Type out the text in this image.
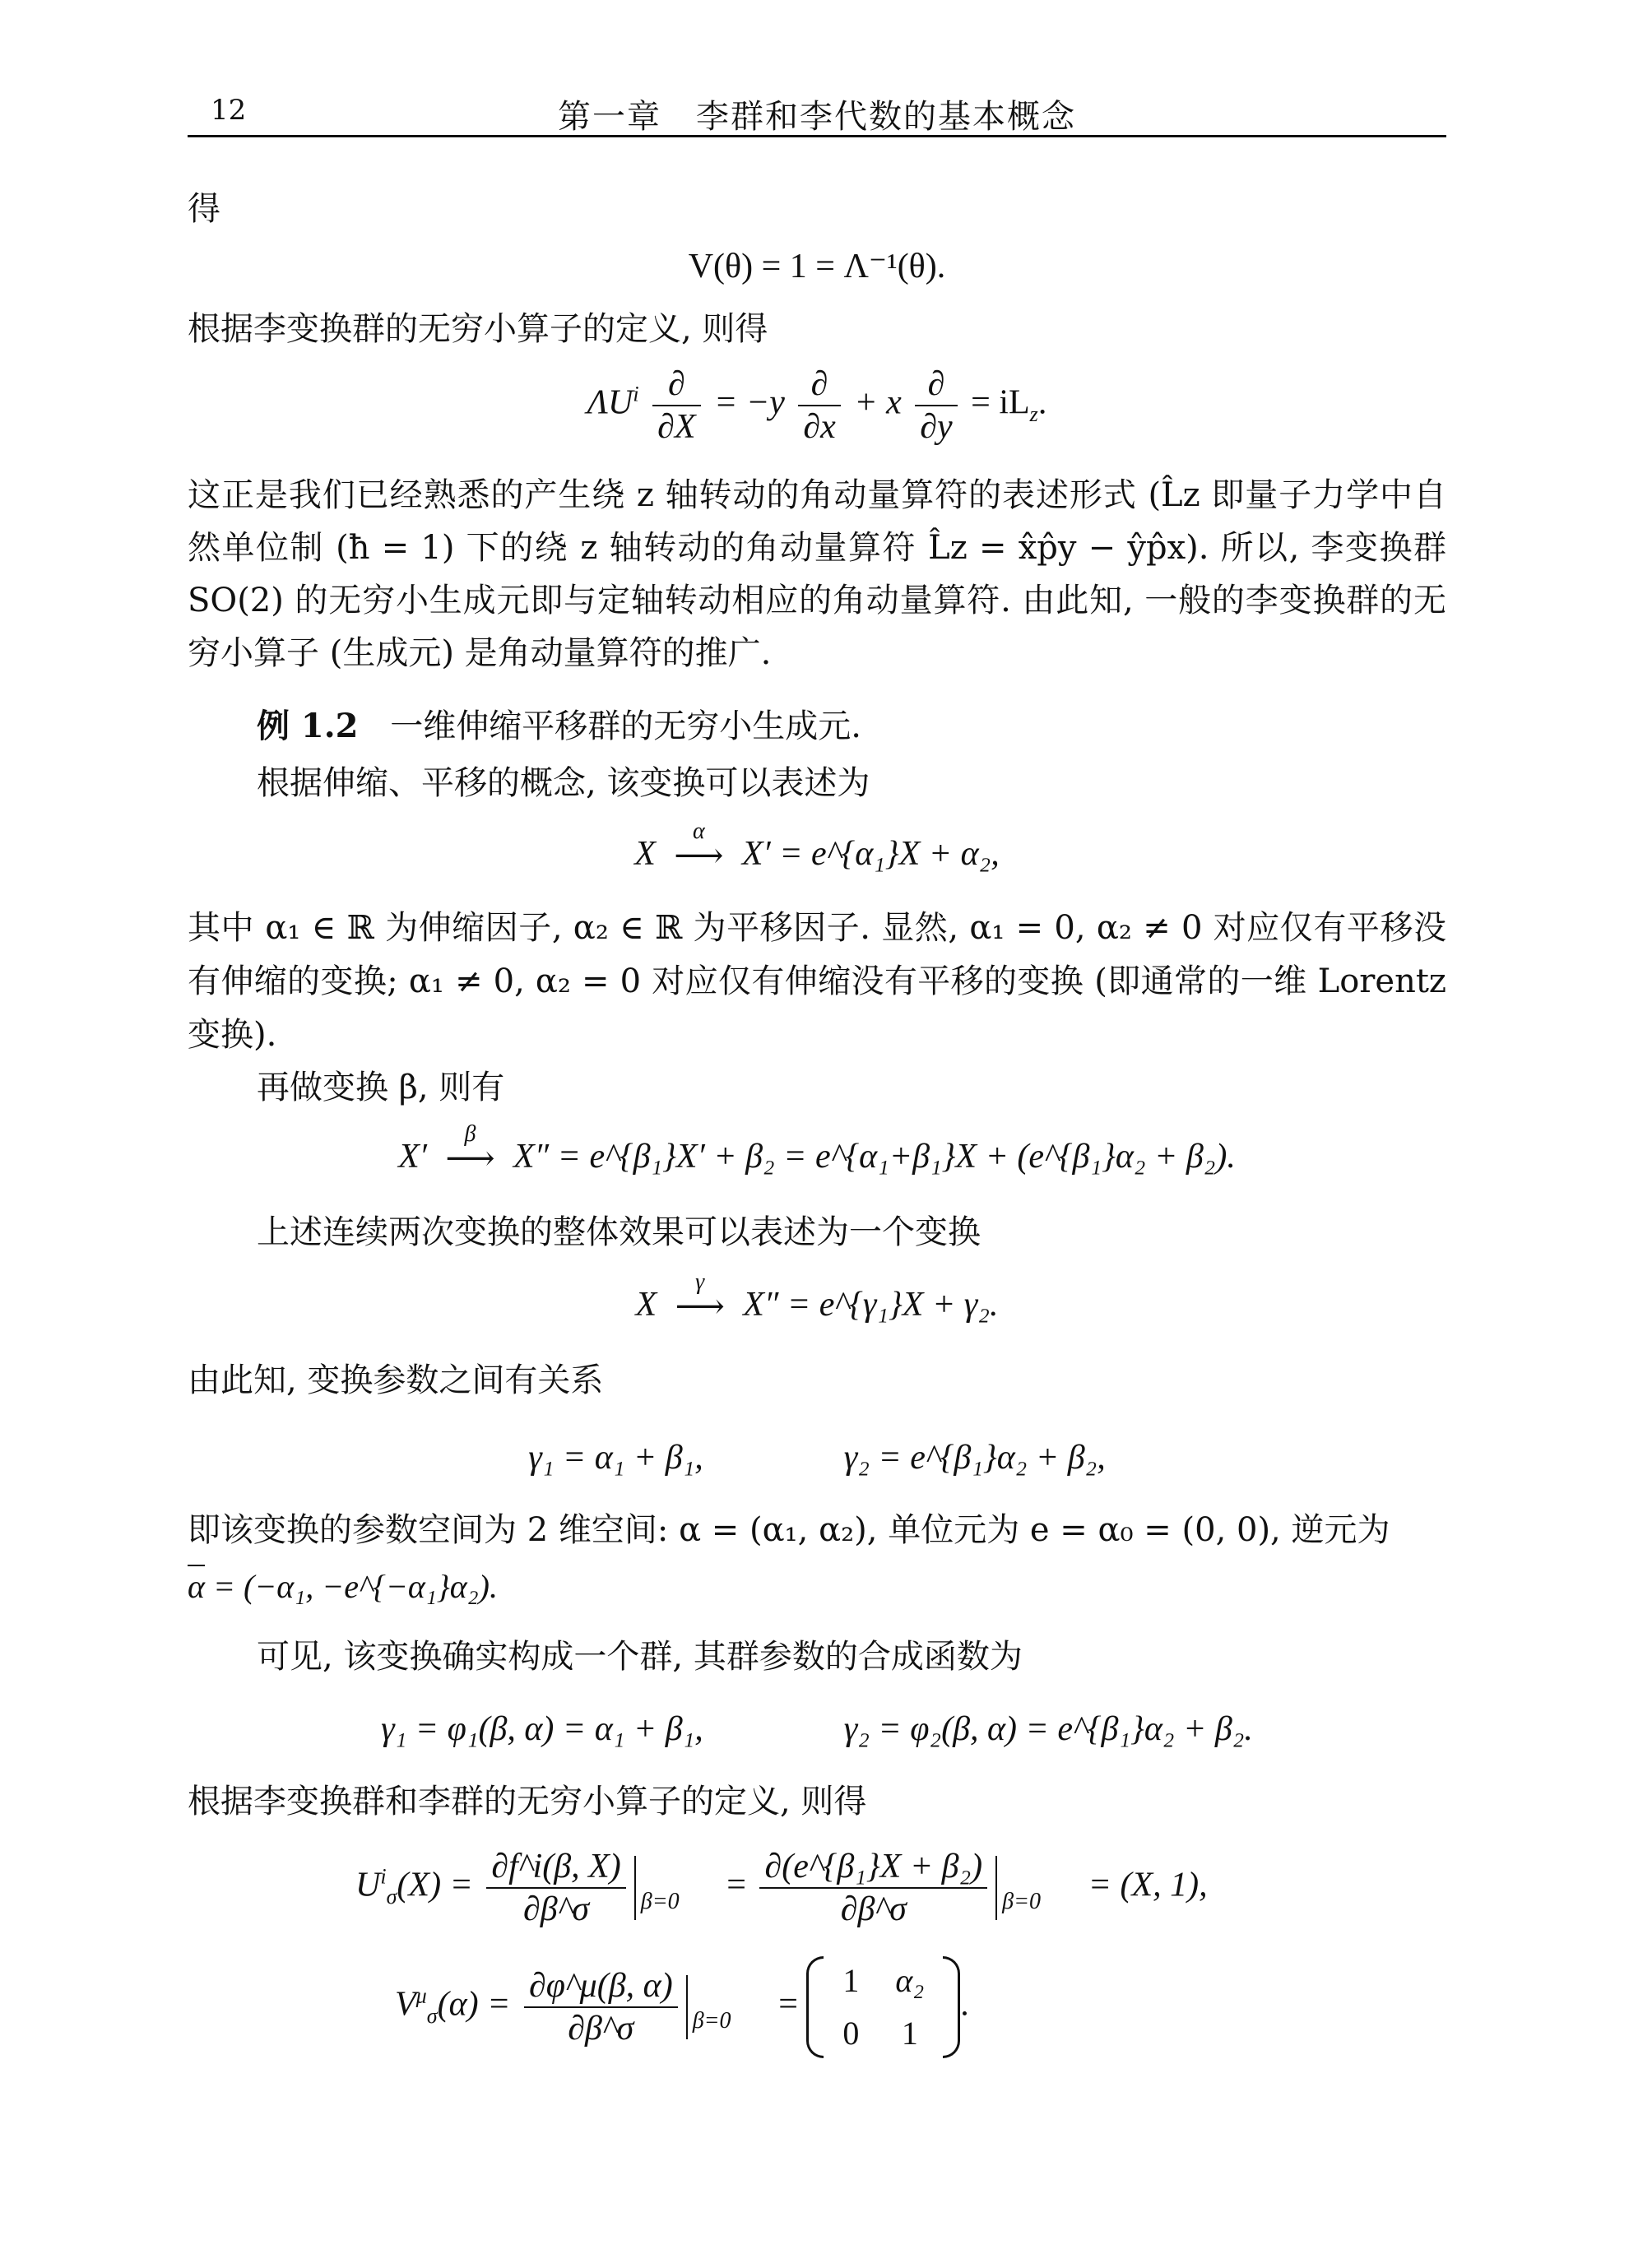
12	第一章　李群和李代数的基本概念
得
V(θ) = 1 = Λ⁻¹(θ).
根据李变换群的无穷小算子的定义, 则得
$\Lambda U^i \frac{\partial}{\partial X} = -y \frac{\partial}{\partial x} + x \frac{\partial}{\partial y} = iL_z$.
这正是我们已经熟悉的产生绕 z 轴转动的角动量算符的表述形式 (L̂z 即量子力学中自然单位制 (ħ = 1) 下的绕 z 轴转动的角动量算符 L̂z = x̂p̂y − ŷp̂x). 所以, 李变换群 SO(2) 的无穷小生成元即与定轴转动相应的角动量算符. 由此知, 一般的李变换群的无穷小算子 (生成元) 是角动量算符的推广.
例 1.2 一维伸缩平移群的无穷小生成元.
根据伸缩、平移的概念, 该变换可以表述为
X
α
⟶ X′ = e^{α₁}X + α₂,
其中 α₁ ∈ ℝ 为伸缩因子, α₂ ∈ ℝ 为平移因子. 显然, α₁ = 0, α₂ ≠ 0 对应仅有平移没有伸缩的变换; α₁ ≠ 0, α₂ = 0 对应仅有伸缩没有平移的变换 (即通常的一维 Lorentz 变换).
再做变换 β, 则有
X′
β
⟶ X″ = e^{β₁}X′ + β₂ = e^{α₁+β₁}X + (e^{β₁}α₂ + β₂).
上述连续两次变换的整体效果可以表述为一个变换
X
γ
⟶ X″ = e^{γ₁}X + γ₂.
由此知, 变换参数之间有关系
γ₁ = α₁ + β₁,	γ₂ = e^{β₁}α₂ + β₂,
即该变换的参数空间为 2 维空间: α = (α₁, α₂), 单位元为 e = α₀ = (0, 0), 逆元为
α = (−α₁, −e^{−α₁}α₂).
可见, 该变换确实构成一个群, 其群参数的合成函数为
γ₁ = φ₁(β, α) = α₁ + β₁,	γ₂ = φ₂(β, α) = e^{β₁}α₂ + β₂.
根据李变换群和李群的无穷小算子的定义, 则得
$U^i_\sigma(X) = \frac{\partial f\^{}i(\beta, X)}{\partial\beta\^{}\sigma} \beta=0 = \frac{\text{∂(e\textasciicircum{}\{β₁\}X + β₂)}}{\partial\beta\^{}\sigma} \beta=0 = (X$, 1),
$V^\mu_\sigma(\alpha) = \frac{\partial\varphi\^{}\mu(\beta, \alpha)}{\partial\beta\^{}\sigma} \beta=0$ =
1	α₂
0	1
.
